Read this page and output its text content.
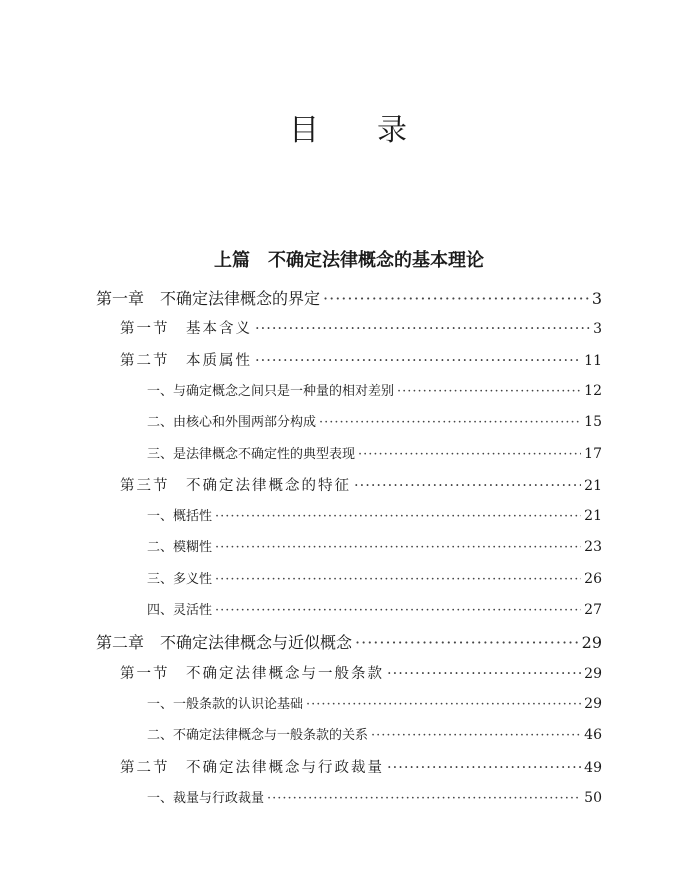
目 录
上篇　不确定法律概念的基本理论
第一章　不确定法律概念的界定 ·····	3
第一节　基本含义 ·····	3
第二节　本质属性 ·····	11
一、与确定概念之间只是一种量的相对差别 ·····	12
二、由核心和外围两部分构成 ·····	15
三、是法律概念不确定性的典型表现 ·····	17
第三节　不确定法律概念的特征 ·····	21
一、概括性 ·····	21
二、模糊性 ·····	23
三、多义性 ·····	26
四、灵活性 ·····	27
第二章　不确定法律概念与近似概念 ·····	29
第一节　不确定法律概念与一般条款 ·····	29
一、一般条款的认识论基础 ·····	29
二、不确定法律概念与一般条款的关系 ·····	46
第二节　不确定法律概念与行政裁量 ·····	49
一、裁量与行政裁量 ·····	50
